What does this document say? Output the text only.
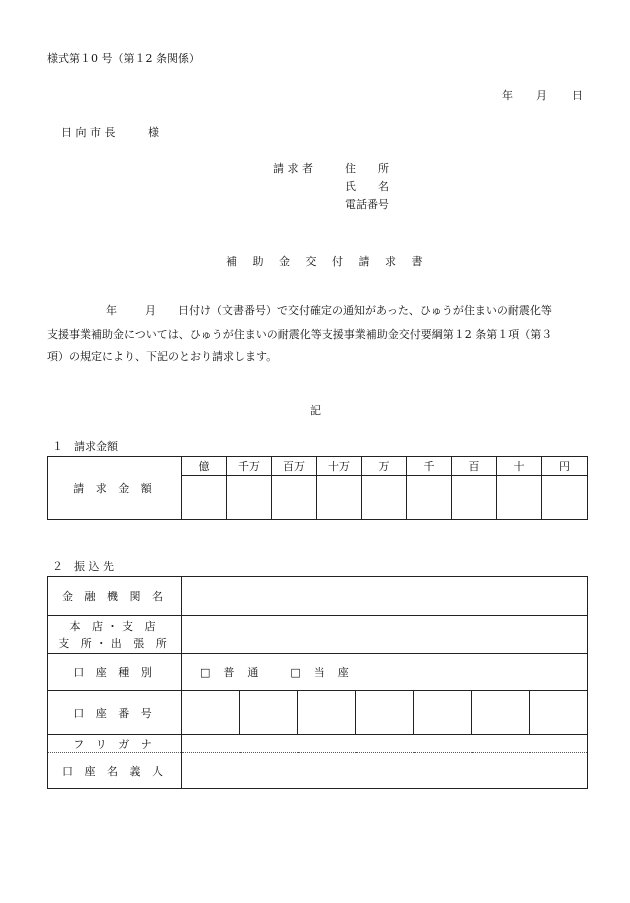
様式第１0 号（第１2 条関係）
年 月 日
日 向 市 長	様
請 求 者	住　　所
氏　　名
電話番号
補 助 金 交 付 請 求 書
年	月 日付け（文書番号）で交付確定の通知があった、ひゅうが住まいの耐震化等
支援事業補助金については、ひゅうが住まいの耐震化等支援事業補助金交付要綱第１2 条第１項（第３
項）の規定により、下記のとおり請求します。
記
１　請求金額
請 求 金 額	億	千万	百万	十万	万	千	百	十	円

２　振 込 先
金 融 機 関 名							

本 店・支 店
支 所・出 張 所							

口 座 種 別	□　普　通 □　当　座						
口 座 番 号							
フ リ ガ ナ							
口 座 名 義 人							
